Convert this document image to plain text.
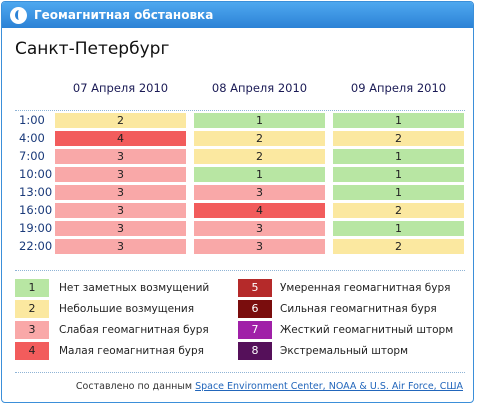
Геомагнитная обстановка
Санкт-Петербург
07 Апреля 2010	08 Апреля 2010	09 Апреля 2010
1:00	2	1	1
4:00	4	2	2
7:00	3	2	1
10:00	3	1	1
13:00	3	3	1
16:00	3	4	2
19:00	3	3	1
22:00	3	3	2
1	Нет заметных возмущений
2	Небольшие возмущения
3	Слабая геомагнитная буря
4	Малая геомагнитная буря
5	Умеренная геомагнитная буря
6	Сильная геомагнитная буря
7	Жесткий геомагнитный шторм
8	Экстремальный шторм
Составлено по данным Space Environment Center, NOAA & U.S. Air Force, США
